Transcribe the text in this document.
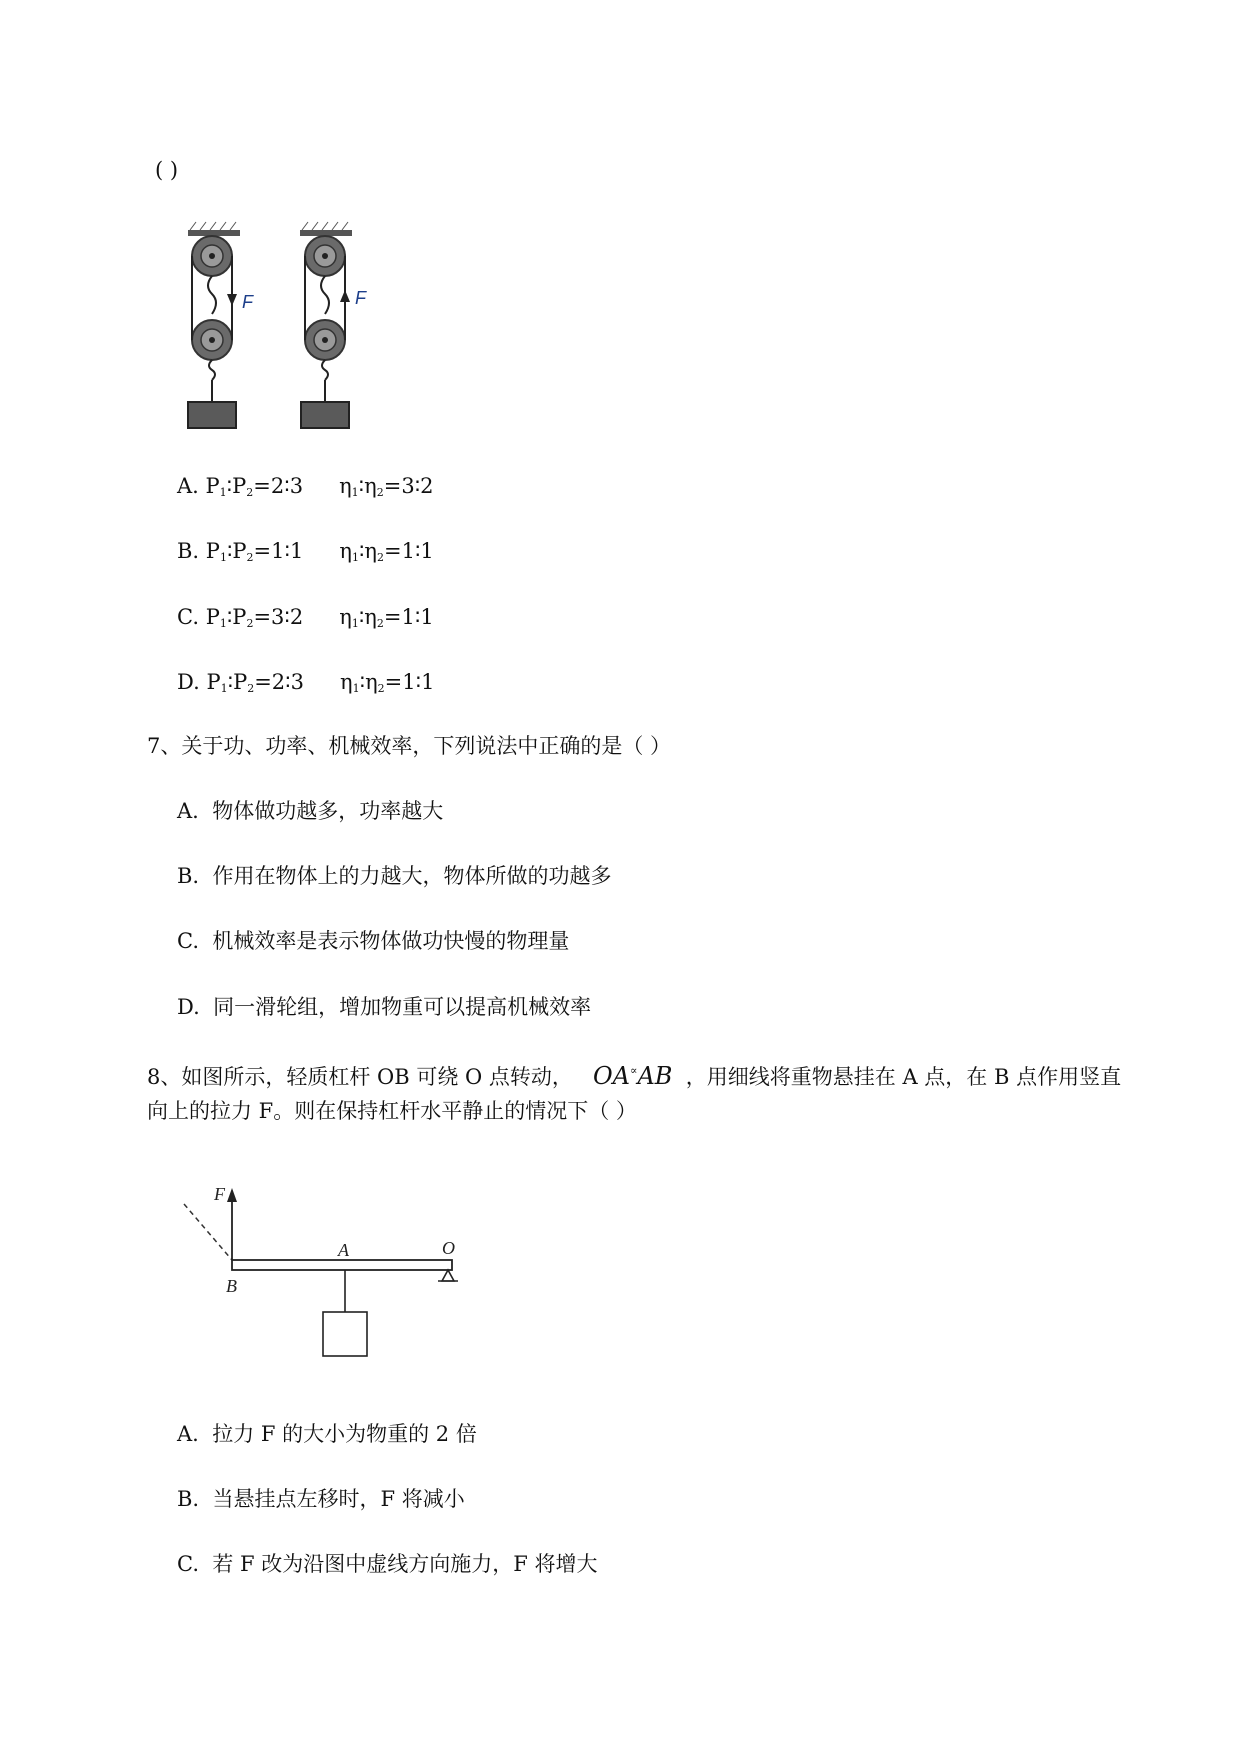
( )
F	F
A. $P_1∶P_2=2∶3$ $\eta_1∶\eta_2=3∶2$
B. $P_1∶P_2=1∶1$ $\eta_1∶\eta_2=1∶1$
C. $P_1∶P_2=3∶2$ $\eta_1∶\eta_2=1∶1$
D. $P_1∶P_2=2∶3$ $\eta_1∶\eta_2=1∶1$
7、关于功、功率、机械效率，下列说法中正确的是（ ）
A. 物体做功越多，功率越大
B. 作用在物体上的力越大，物体所做的功越多
C. 机械效率是表示物体做功快慢的物理量
D. 同一滑轮组，增加物重可以提高机械效率
8、如图所示，轻质杠杆 OB 可绕 O 点转动， OA∝AB ，用细线将重物悬挂在 A 点，在 B 点作用竖直
向上的拉力 F。则在保持杠杆水平静止的情况下（ ）
F
A	O
B
A. 拉力 F 的大小为物重的 2 倍
B. 当悬挂点左移时，F 将减小
C. 若 F 改为沿图中虚线方向施力，F 将增大
